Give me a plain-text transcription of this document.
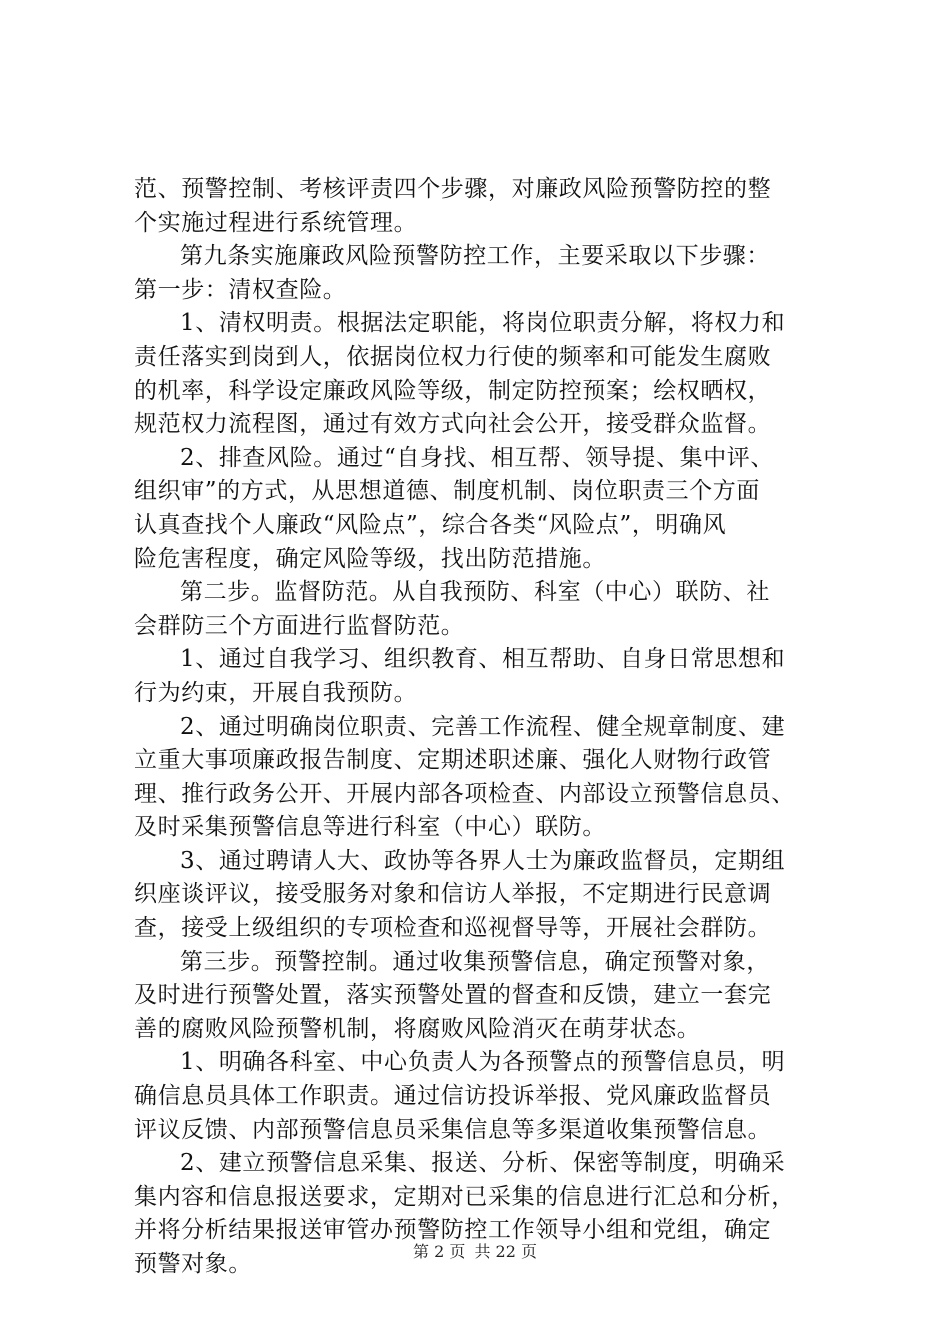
范、预警控制、考核评责四个步骤，对廉政风险预警防控的整
个实施过程进行系统管理。
第九条实施廉政风险预警防控工作，主要采取以下步骤：
第一步：清权查险。
1、清权明责。根据法定职能，将岗位职责分解，将权力和
责任落实到岗到人，依据岗位权力行使的频率和可能发生腐败
的机率，科学设定廉政风险等级，制定防控预案；绘权晒权，
规范权力流程图，通过有效方式向社会公开，接受群众监督。
2、排查风险。通过“自身找、相互帮、领导提、集中评、
组织审”的方式，从思想道德、制度机制、岗位职责三个方面
认真查找个人廉政“风险点”，综合各类“风险点”，明确风
险危害程度，确定风险等级，找出防范措施。
第二步。监督防范。从自我预防、科室（中心）联防、社
会群防三个方面进行监督防范。
1、通过自我学习、组织教育、相互帮助、自身日常思想和
行为约束，开展自我预防。
2、通过明确岗位职责、完善工作流程、健全规章制度、建
立重大事项廉政报告制度、定期述职述廉、强化人财物行政管
理、推行政务公开、开展内部各项检查、内部设立预警信息员、
及时采集预警信息等进行科室（中心）联防。
3、通过聘请人大、政协等各界人士为廉政监督员，定期组
织座谈评议，接受服务对象和信访人举报，不定期进行民意调
查，接受上级组织的专项检查和巡视督导等，开展社会群防。
第三步。预警控制。通过收集预警信息，确定预警对象，
及时进行预警处置，落实预警处置的督查和反馈，建立一套完
善的腐败风险预警机制，将腐败风险消灭在萌芽状态。
1、明确各科室、中心负责人为各预警点的预警信息员，明
确信息员具体工作职责。通过信访投诉举报、党风廉政监督员
评议反馈、内部预警信息员采集信息等多渠道收集预警信息。
2、建立预警信息采集、报送、分析、保密等制度，明确采
集内容和信息报送要求，定期对已采集的信息进行汇总和分析，
并将分析结果报送审管办预警防控工作领导小组和党组，确定
预警对象。	第 2 页 共 22 页
